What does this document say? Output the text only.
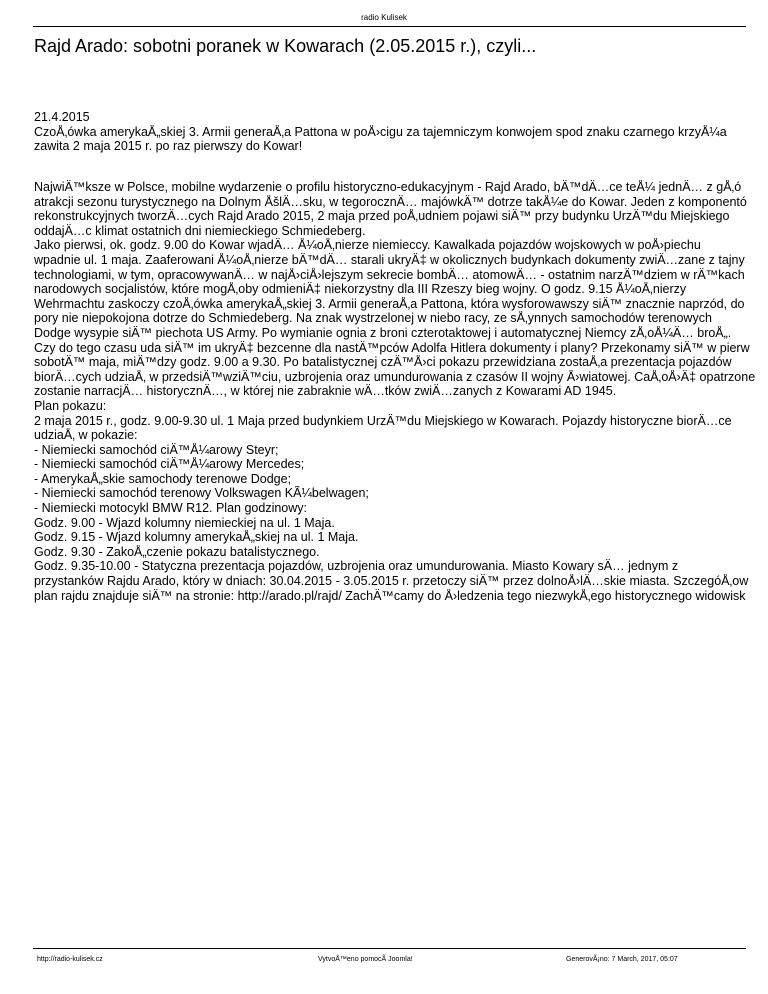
radio Kulisek
Rajd Arado: sobotni poranek w Kowarach (2.05.2015 r.), czyli...
21.4.2015
CzoÅ‚ówka amerykaÅ„skiej 3. Armii generaÅ‚a Pattona w poÅ›cigu za tajemniczym konwojem spod znaku czarnego krzyÅ¼a
zawita 2 maja 2015 r. po raz pierwszy do Kowar!
NajwiÄ™ksze w Polsce, mobilne wydarzenie o profilu historyczno-edukacyjnym - Rajd Arado, bÄ™dÄ…ce teÅ¼ jednÄ… z gÅ‚ó
atrakcji sezonu turystycznego na Dolnym ÅšlÄ…sku, w tegorocznÄ… majówkÄ™ dotrze takÅ¼e do Kowar. Jeden z komponentó
rekonstrukcyjnych tworzÄ…cych Rajd Arado 2015, 2 maja przed poÅ‚udniem pojawi siÄ™ przy budynku UrzÄ™du Miejskiego
oddajÄ…c klimat ostatnich dni niemieckiego Schmiedeberg.
Jako pierwsi, ok. godz. 9.00 do Kowar wjadÄ… Å¼oÅ‚nierze niemieccy. Kawalkada pojazdów wojskowych w poÅ›piechu
wpadnie ul. 1 maja. Zaaferowani Å¼oÅ‚nierze bÄ™dÄ… starali ukryÄ‡ w okolicznych budynkach dokumenty zwiÄ…zane z tajny
technologiami, w tym, opracowywanÄ… w najÅ›ciÅ›lejszym sekrecie bombÄ… atomowÄ… - ostatnim narzÄ™dziem w rÄ™kach
narodowych socjalistów, które mogÅ‚oby odmieniÄ‡ niekorzystny dla III Rzeszy bieg wojny. O godz. 9.15 Å¼oÅ‚nierzy
Wehrmachtu zaskoczy czoÅ‚ówka amerykaÅ„skiej 3. Armii generaÅ‚a Pattona, która wysforowawszy siÄ™ znacznie naprzód, do
pory nie niepokojona dotrze do Schmiedeberg. Na znak wystrzelonej w niebo racy, ze sÅ‚ynnych samochodów terenowych
Dodge wysypie siÄ™ piechota US Army. Po wymianie ognia z broni czterotaktowej i automatycznej Niemcy zÅ‚oÅ¼Ä… broÅ„.
Czy do tego czasu uda siÄ™ im ukryÄ‡ bezcenne dla nastÄ™pców Adolfa Hitlera dokumenty i plany? Przekonamy siÄ™ w pierw
sobotÄ™ maja, miÄ™dzy godz. 9.00 a 9.30. Po batalistycznej czÄ™Å›ci pokazu przewidziana zostaÅ‚a prezentacja pojazdów
biorÄ…cych udziaÅ‚ w przedsiÄ™wziÄ™ciu, uzbrojenia oraz umundurowania z czasów II wojny Å›wiatowej. CaÅ‚oÅ›Ä‡ opatrzone
zostanie narracjÄ… historycznÄ…, w której nie zabraknie wÄ…tków zwiÄ…zanych z Kowarami AD 1945.
Plan pokazu:
2 maja 2015 r., godz. 9.00-9.30 ul. 1 Maja przed budynkiem UrzÄ™du Miejskiego w Kowarach. Pojazdy historyczne biorÄ…ce
udziaÅ‚ w pokazie:
- Niemiecki samochód ciÄ™Å¼arowy Steyr;
- Niemiecki samochód ciÄ™Å¼arowy Mercedes;
- AmerykaÅ„skie samochody terenowe Dodge;
- Niemiecki samochód terenowy Volkswagen KÃ¼belwagen;
- Niemiecki motocykl BMW R12. Plan godzinowy:
Godz. 9.00 - Wjazd kolumny niemieckiej na ul. 1 Maja.
Godz. 9.15 - Wjazd kolumny amerykaÅ„skiej na ul. 1 Maja.
Godz. 9.30 - ZakoÅ„czenie pokazu batalistycznego.
Godz. 9.35-10.00 - Statyczna prezentacja pojazdów, uzbrojenia oraz umundurowania. Miasto Kowary sÄ… jednym z
przystanków Rajdu Arado, który w dniach: 30.04.2015 - 3.05.2015 r. przetoczy siÄ™ przez dolnoÅ›lÄ…skie miasta. SzczegóÅ‚ow
plan rajdu znajduje siÄ™ na stronie: http://arado.pl/rajd/ ZachÄ™camy do Å›ledzenia tego niezwykÅ‚ego historycznego widowisk
http://radio-kulisek.cz	VytvoÅ™eno pomocÃ Joomla!	GenerovÃ¡no: 7 March, 2017, 05:07
